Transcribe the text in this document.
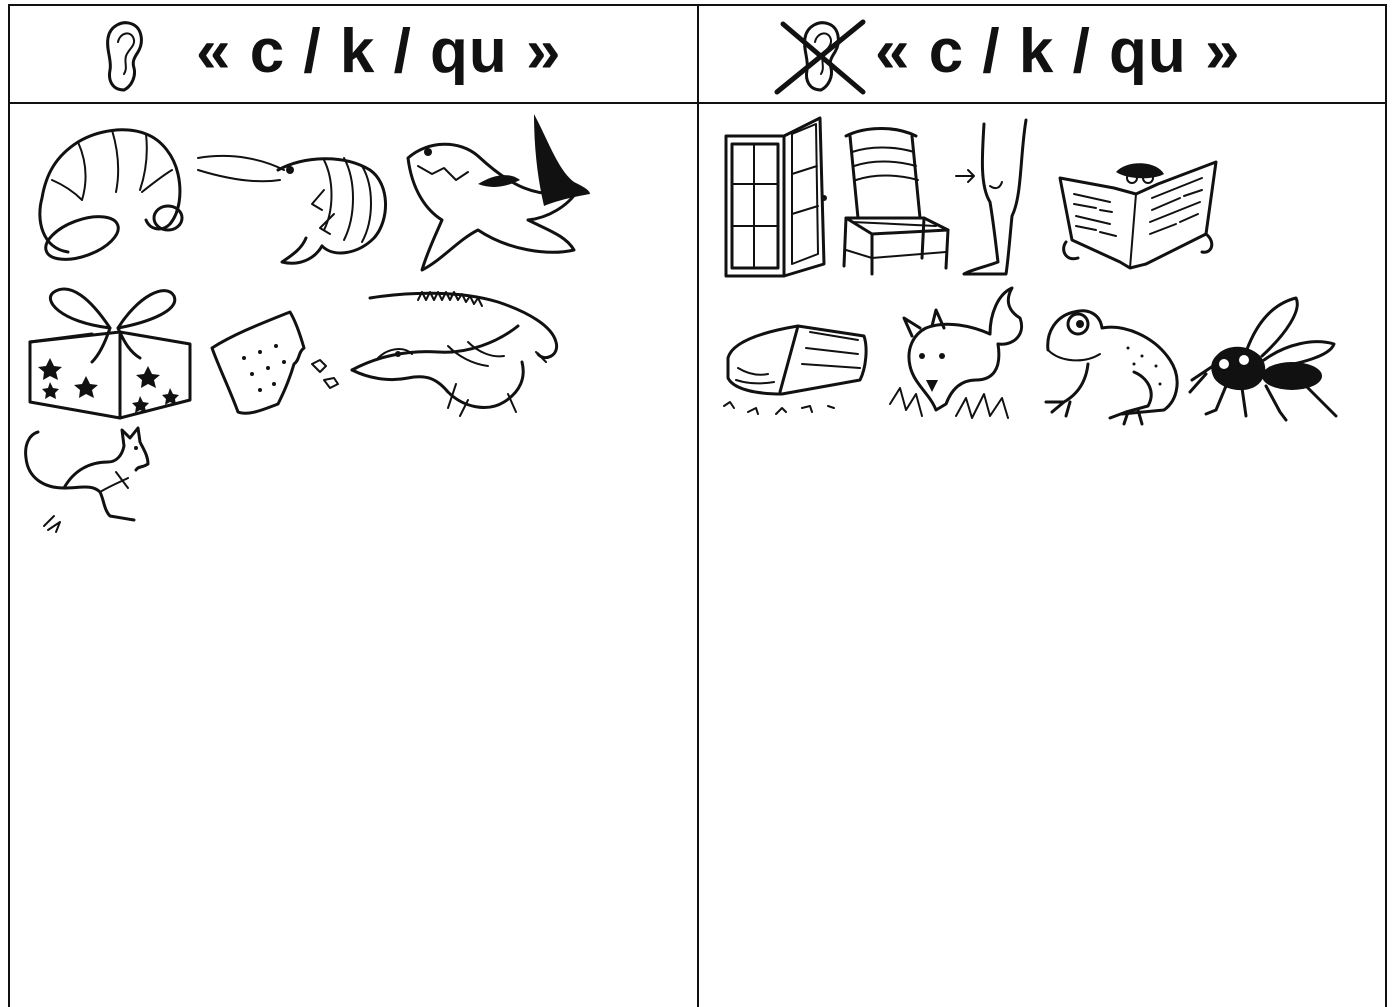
« c / k / qu »	« c / k / qu »
